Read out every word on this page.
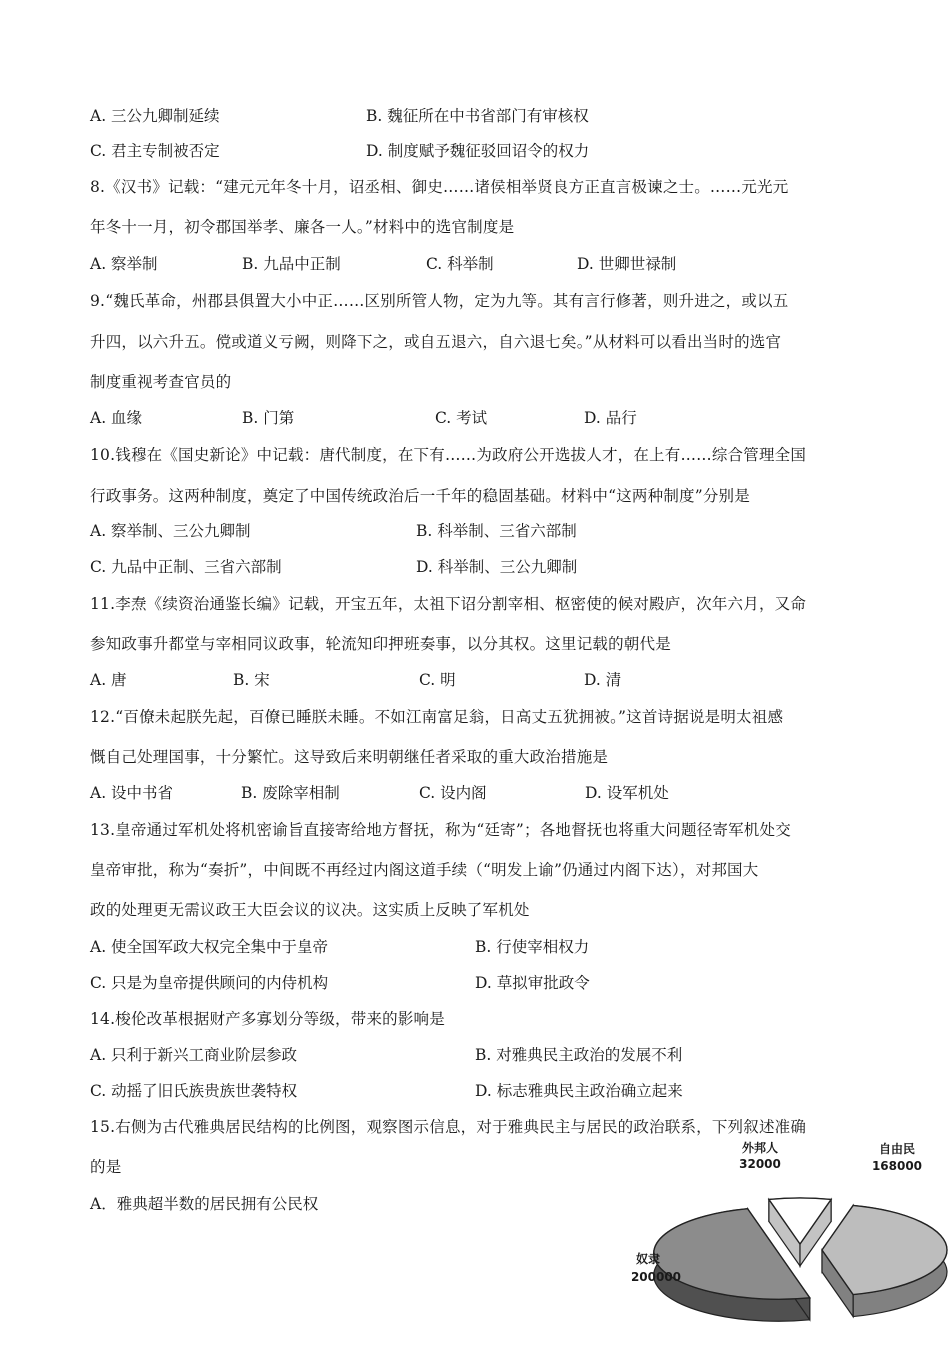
A. 三公九卿制延续	B. 魏征所在中书省部门有审核权
C. 君主专制被否定	D. 制度赋予魏征驳回诏令的权力
8.《汉书》记载：“建元元年冬十月，诏丞相、御史……诸侯相举贤良方正直言极谏之士。……元光元
年冬十一月，初令郡国举孝、廉各一人。”材料中的选官制度是
A. 察举制	B. 九品中正制	C. 科举制	D. 世卿世禄制
9.“魏氏革命，州郡县俱置大小中正……区别所管人物，定为九等。其有言行修著，则升进之，或以五
升四，以六升五。傥或道义亏阙，则降下之，或自五退六，自六退七矣。”从材料可以看出当时的选官
制度重视考查官员的
A. 血缘	B. 门第	C. 考试	D. 品行
10.钱穆在《国史新论》中记载：唐代制度，在下有……为政府公开选拔人才，在上有……综合管理全国
行政事务。这两种制度，奠定了中国传统政治后一千年的稳固基础。材料中“这两种制度”分别是
A. 察举制、三公九卿制	B. 科举制、三省六部制
C. 九品中正制、三省六部制	D. 科举制、三公九卿制
11.李焘《续资治通鉴长编》记载，开宝五年，太祖下诏分割宰相、枢密使的候对殿庐，次年六月，又命
参知政事升都堂与宰相同议政事，轮流知印押班奏事，以分其权。这里记载的朝代是
A. 唐	B. 宋	C. 明	D. 清
12.“百僚未起朕先起，百僚已睡朕未睡。不如江南富足翁，日高丈五犹拥被。”这首诗据说是明太祖感
慨自己处理国事，十分繁忙。这导致后来明朝继任者采取的重大政治措施是
A. 设中书省	B. 废除宰相制	C. 设内阁	D. 设军机处
13.皇帝通过军机处将机密谕旨直接寄给地方督抚，称为“廷寄”；各地督抚也将重大问题径寄军机处交
皇帝审批，称为“奏折”，中间既不再经过内阁这道手续（“明发上谕”仍通过内阁下达），对邦国大
政的处理更无需议政王大臣会议的议决。这实质上反映了军机处
A. 使全国军政大权完全集中于皇帝	B. 行使宰相权力
C. 只是为皇帝提供顾问的内侍机构	D. 草拟审批政令
14.梭伦改革根据财产多寡划分等级，带来的影响是
A. 只利于新兴工商业阶层参政	B. 对雅典民主政治的发展不利
C. 动摇了旧氏族贵族世袭特权	D. 标志雅典民主政治确立起来
15.右侧为古代雅典居民结构的比例图，观察图示信息，对于雅典民主与居民的政治联系，下列叙述准确
的是
A．雅典超半数的居民拥有公民权
外邦人
32000
自由民
168000
奴隶
200000
